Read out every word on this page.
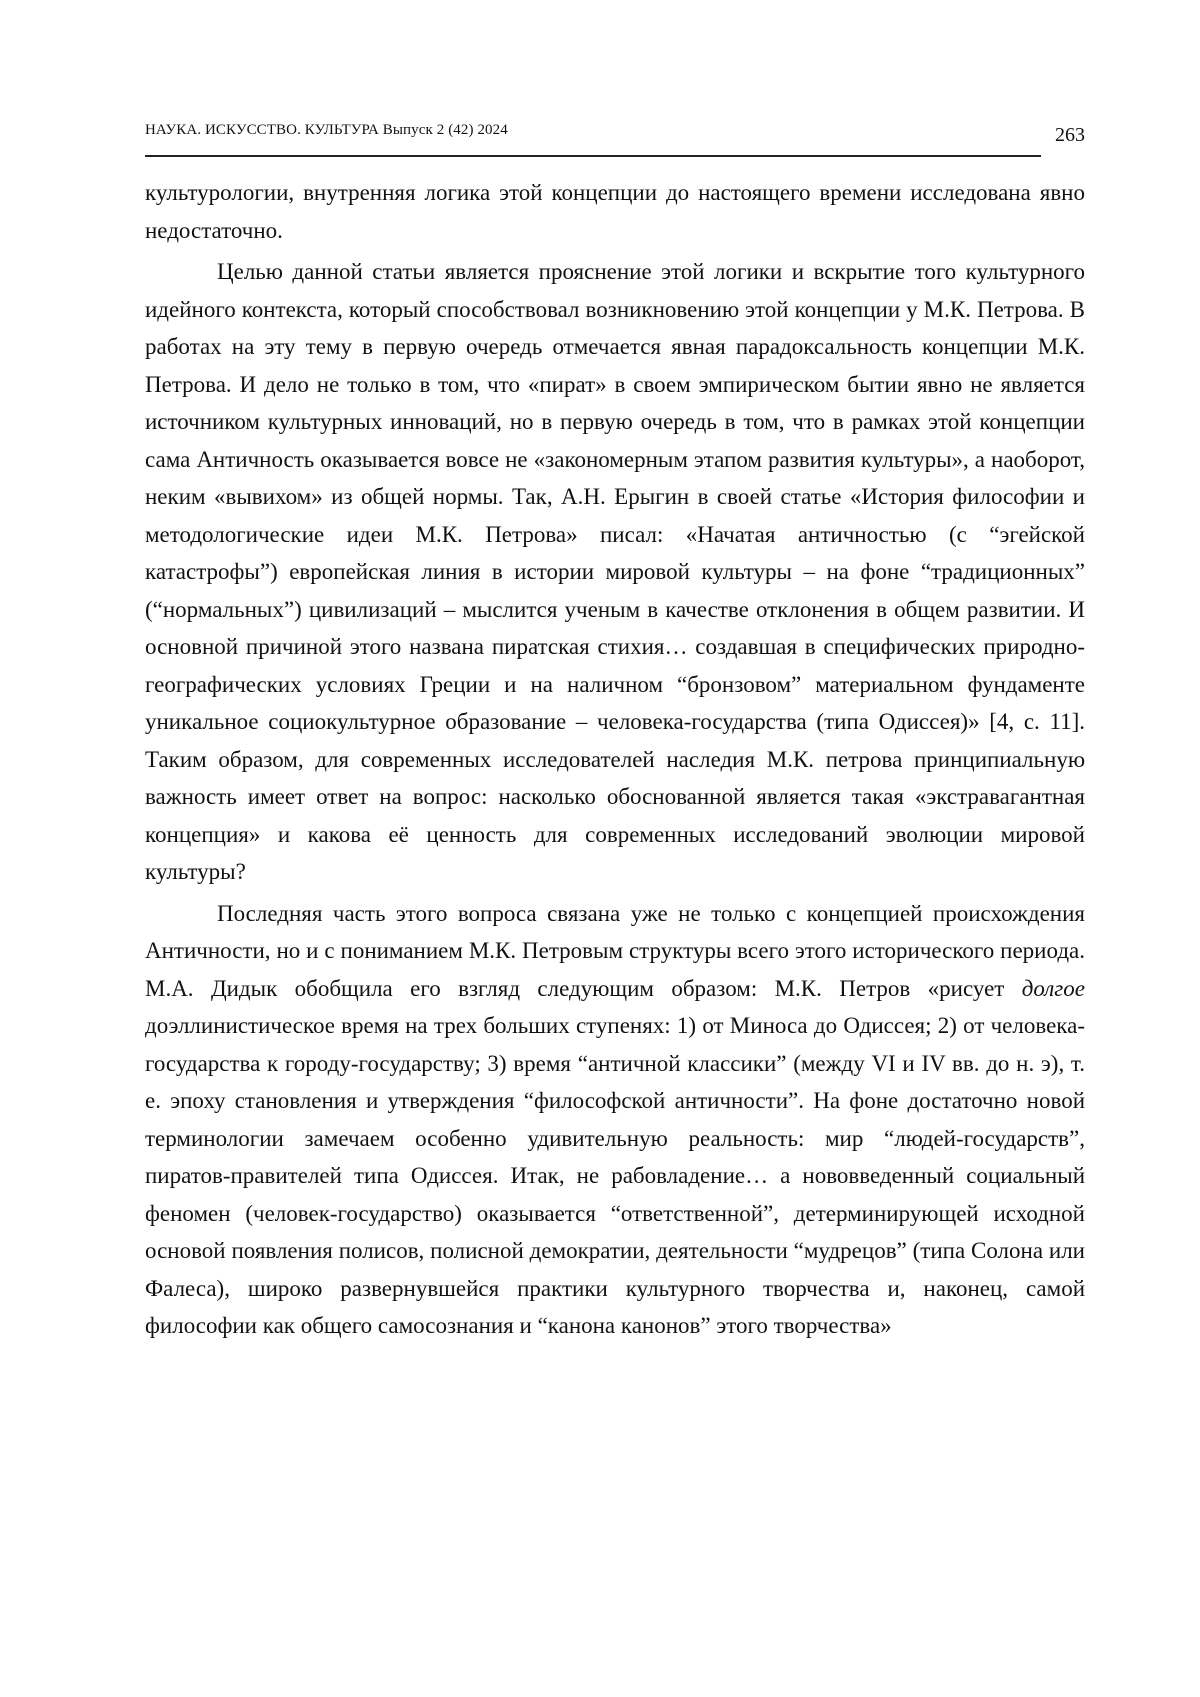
НАУКА. ИСКУССТВО. КУЛЬТУРА Выпуск 2 (42) 2024	263

культурологии, внутренняя логика этой концепции до настоящего времени исследована явно недостаточно.

Целью данной статьи является прояснение этой логики и вскрытие того культурного идейного контекста, который способствовал возникновению этой концепции у М.К. Петрова. В работах на эту тему в первую очередь отмечается явная парадоксальность концепции М.К. Петрова. И дело не только в том, что «пират» в своем эмпирическом бытии явно не является источником культурных инноваций, но в первую очередь в том, что в рамках этой концепции сама Античность оказывается вовсе не «закономерным этапом развития культуры», а наоборот, неким «вывихом» из общей нормы. Так, А.Н. Ерыгин в своей статье «История философии и методологические идеи М.К. Петрова» писал: «Начатая античностью (с “эгейской катастрофы”) европейская линия в истории мировой культуры – на фоне “традиционных” (“нормальных”) цивилизаций – мыслится ученым в качестве отклонения в общем развитии. И основной причиной этого названа пиратская стихия… создавшая в специфических природно-географических условиях Греции и на наличном “бронзовом” материальном фундаменте уникальное социокультурное образование – человека-государства (типа Одиссея)» [4, с. 11]. Таким образом, для современных исследователей наследия М.К. петрова принципиальную важность имеет ответ на вопрос: насколько обоснованной является такая «экстравагантная концепция» и какова её ценность для современных исследований эволюции мировой культуры?

Последняя часть этого вопроса связана уже не только с концепцией происхождения Античности, но и с пониманием М.К. Петровым структуры всего этого исторического периода. М.А. Дидык обобщила его взгляд следующим образом: М.К. Петров «рисует долгое доэллинистическое время на трех больших ступенях: 1) от Миноса до Одиссея; 2) от человека-государства к городу-государству; 3) время “античной классики” (между VI и IV вв. до н. э), т. е. эпоху становления и утверждения “философской античности”. На фоне достаточно новой терминологии замечаем особенно удивительную реальность: мир “людей-государств”, пиратов-правителей типа Одиссея. Итак, не рабовладение… а нововведенный социальный феномен (человек-государство) оказывается “ответственной”, детерминирующей исходной основой появления полисов, полисной демократии, деятельности “мудрецов” (типа Солона или Фалеса), широко развернувшейся практики культурного творчества и, наконец, самой философии как общего самосознания и “канона канонов” этого творчества»
